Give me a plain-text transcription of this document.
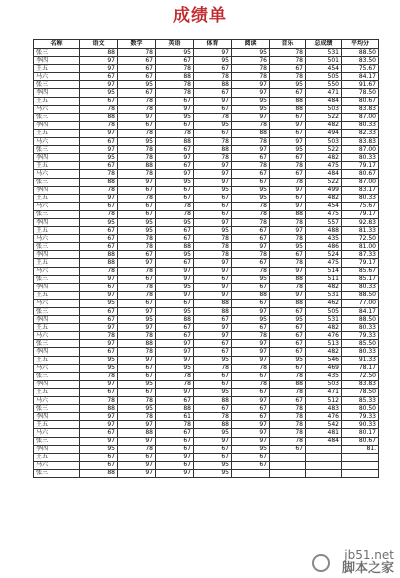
成绩单
名称	语文	数学	英语	体育	阅读	音乐	总成绩	平均分
张三	88	78	95	97	95	78	531	88.50
李四	97	67	67	95	76	78	501	83.50
王五	97	67	78	67	78	67	454	75.67
马六	67	67	88	78	78	78	505	84.17
张三	97	95	78	88	97	95	550	91.67
李四	95	67	78	67	97	67	471	78.50
王五	67	78	67	97	95	88	484	80.67
马六	78	78	97	67	95	88	503	83.83
张三	88	97	95	78	97	67	522	87.00
李四	78	67	67	95	78	97	482	80.33
王五	97	78	78	67	88	67	494	82.33
马六	67	95	88	78	78	97	503	83.83
张三	97	78	67	88	97	95	522	87.00
李四	95	78	97	78	67	67	482	80.33
王五	67	88	67	97	78	78	475	79.17
马六	78	78	97	97	67	67	484	80.67
张三	88	97	95	97	67	78	522	87.00
李四	78	67	67	95	95	97	499	83.17
王五	97	78	67	67	95	67	482	80.33
马六	67	67	78	67	78	97	454	75.67
张三	78	67	78	67	78	88	475	79.17
李四	95	95	95	97	78	78	557	92.83
王五	67	95	67	95	67	97	488	81.33
马六	67	78	67	78	67	78	435	72.50
张三	67	78	88	78	97	95	486	81.00
李四	88	67	95	78	78	67	524	87.33
王五	88	97	67	97	67	78	475	79.17
马六	78	78	97	97	78	97	514	85.67
张三	97	67	97	67	95	88	511	85.17
李四	67	78	95	97	67	78	482	80.33
王五	97	78	97	97	88	97	531	88.50
马六	95	67	67	88	67	88	462	77.00
张三	67	97	95	88	97	67	505	84.17
李四	67	95	88	67	95	95	531	88.50
王五	97	97	67	97	67	67	482	80.33
马六	78	78	67	97	78	67	476	79.33
张三	97	88	97	67	97	67	513	85.50
李四	67	78	97	67	97	67	482	80.33
王五	95	97	97	95	97	95	546	91.33
马六	95	67	95	78	78	67	469	78.17
张三	78	67	78	67	67	78	435	72.50
李四	97	95	78	67	78	88	503	83.83
王五	67	67	97	95	67	78	471	78.50
马六	78	78	67	88	97	67	512	85.33
张三	88	95	88	67	67	78	483	80.50
李四	97	78	61	78	67	78	476	79.33
王五	97	97	78	88	97	78	542	90.33
马六	67	88	67	95	97	78	481	80.17
张三	97	97	67	97	97	78	484	80.67
李四	95	78	67	67	95	67		81.
王五	67	67	97	67	67			
马六	67	97	67	95	67			
张三	88	97	97	95				
jb51.net
脚本之家
